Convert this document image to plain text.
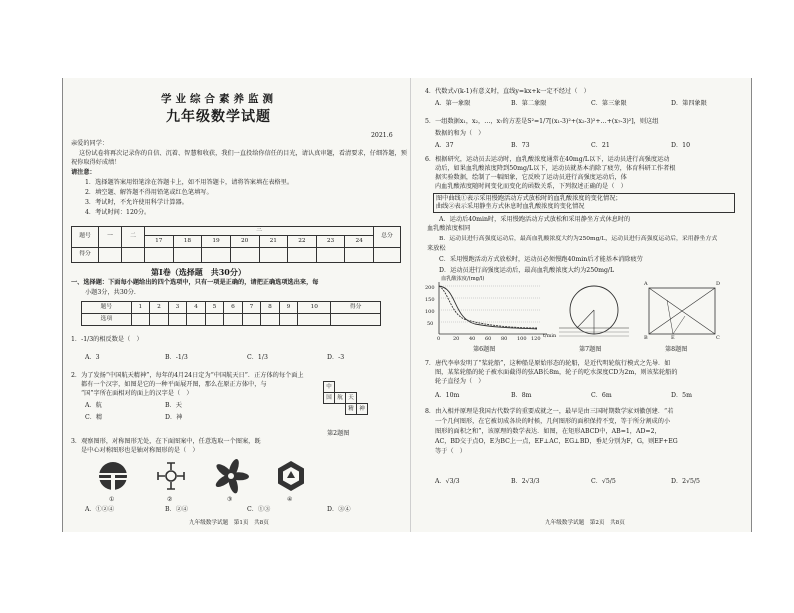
学业综合素养监测
九年级数学试题
2021.6
亲爱的同学：
这份试卷将再次记录你的自信、沉着、智慧和收获，我们一直投给你信任的目光，请认真审题，看清要求，仔细答题，预
祝你取得好成绩！
请注意：
1．选择题答案用铅笔涂在答题卡上，如不用答题卡，请将答案填在表格里。
2．填空题、解答题不得用铅笔或红色笔填写。
3．考试时，不允许使用科学计算器。
4．考试时间：120分。
题号	一	二	三								总分
			17	18	19	20	21	22	23	24	
得分											
第Ⅰ卷（选择题　共30分）
一、选择题：下面每小题给出的四个选项中，只有一项是正确的，请把正确选项选出来，每
小题3分，共30分.
题号	1	2	3	4	5	6	7	8	9	10	得分
选项											
1．-1/3的相反数是（　）
A．3	B．-1/3	C．1/3	D．-3
2．为了发扬“中国航天精神”，每年的4月24日定为“中国航天日”．正方体的每个面上
都有一个汉字，如图是它的一种平面展开图，那么在原正方体中，与
“国”字所在面相对的面上的汉字是（　）
A．航	B．天
C．精	D．神
中
国 航 天
精 神
第2题图
3．观察图形，对称图形无处，在下面图案中，任意选取一个图案，既
是中心对称图形也是轴对称图形的是（　）
①	②	③	④
A．①②④	B．②④	C．①③	D．③④
九年级数学试题　第1页　共8页
4．代数式√(k-1)有意义时，直线y=kx+k一定不经过（　）
A．第一象限	B．第二象限	C．第三象限	D．第四象限
5．一组数据x₁，x₂，…，x₇的方差是S²=1/7[(x₁-3)²+(x₂-3)²+…+(x₇-3)²]，则这组
数据的和为（　）
A．37	B．73	C．21	D．10
6．根据研究，运动员去运动时，血乳酸浓度通常在40mg/L以下，运动员进行高强度运动
动后，如果血乳酸浓度降到50mg/L以下，运动员就基本消除了疲劳，体育科研工作者根
据实验数据，绘制了一幅图象，它反映了运动员进行高强度运动后，体
内血乳酸浓度随时间变化而变化的函数关系，下列叙述正确的是（　）
图中曲线①表示采用慢跑活动方式放松时的血乳酸浓度的变化情况；
曲线②表示采用静坐方式休息时血乳酸浓度的变化情况
A．运动后40min时，采用慢跑活动方式放松和采用静坐方式休息时的
血乳酸浓度相同
B．运动员进行高强度运动后，最高血乳酸浓度大约为250mg/L，运动员进行高强度运动后，采用静坐方式
来放松
C．采用慢跑活动方式放松时，运动员必须慢跑40min后才能基本消除疲劳
D．运动员进行高强度运动后，最高血乳酸浓度大约为250mg/L
血乳酸浓度/(mg/l)
200
150
100
50
0	20 40 60 80 100 120 t/min
第6题图	第7题图
A	D
B	E	C
第8题图
7．唐代李皋发明了“桨轮船”，这种船是原始形态的轮船，是近代明轮航行模式之先导．如
图，某桨轮船的轮子被水面截得的弦AB长8m，轮子的吃水深度CD为2m，则该桨轮船的
轮子直径为（　）
A．10m	B．8m	C．6m	D．5m
8．由入相并原理是我国古代数学的重要成就之一，最早是由三国时期数学家刘徽创建．“若
一个几何图形，在它被切成各块的时候，几何图形的面积保持不变，等于所分割成的小
图形的面积之和”，该原理的数学表达．如图，在矩形ABCD中，AB=1，AD=2，
AC，BD交于点O，E为BC上一点，EF⊥AC，EG⊥BD，垂足分别为F，G，则EF+EG
等于（　）
A．√3/3	B．2√3/3	C．√5/5	D．2√5/5
九年级数学试题　第2页　共8页
